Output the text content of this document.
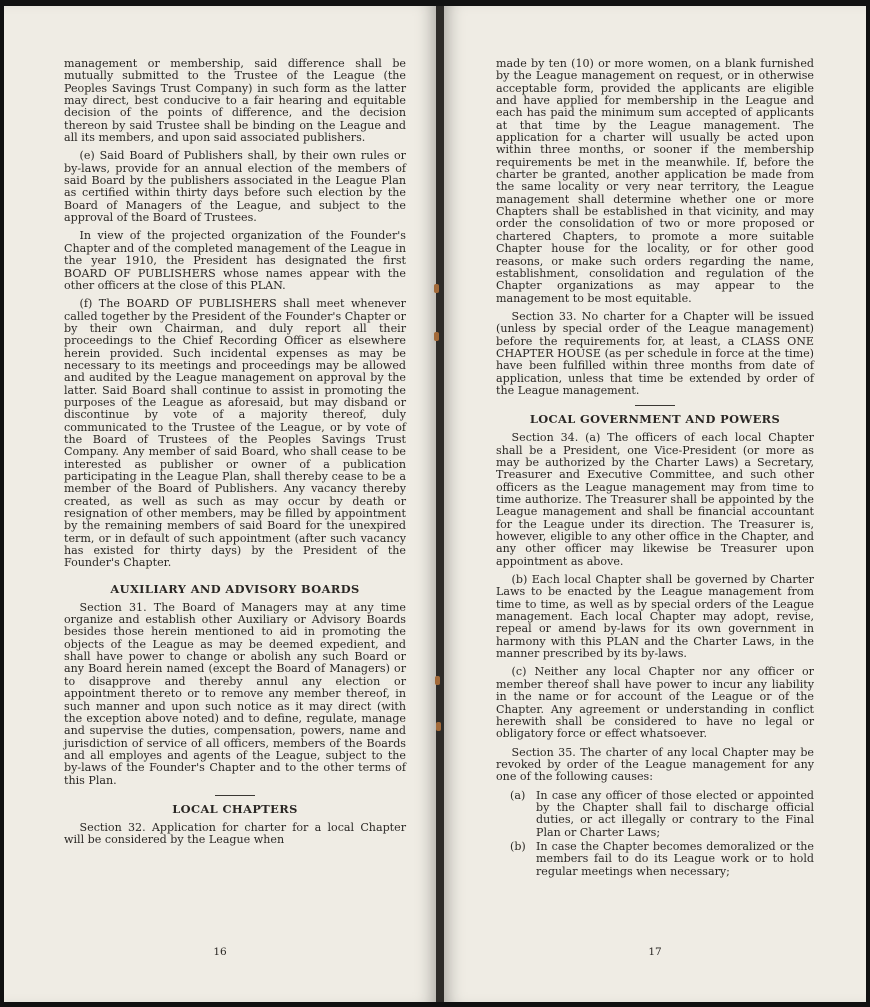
management or membership, said difference shall be mutually submitted to the Trustee of the League (the Peoples Savings Trust Company) in such form as the latter may direct, best conducive to a fair hearing and equitable decision of the points of difference, and the decision thereon by said Trustee shall be binding on the League and all its members, and upon said associated publishers.

(e) Said Board of Publishers shall, by their own rules or by-laws, provide for an annual election of the members of said Board by the publishers associated in the League Plan as certified within thirty days before such election by the Board of Managers of the League, and subject to the approval of the Board of Trustees.

In view of the projected organization of the Founder's Chapter and of the completed management of the League in the year 1910, the President has designated the first BOARD OF PUBLISHERS whose names appear with the other officers at the close of this PLAN.

(f) The BOARD OF PUBLISHERS shall meet whenever called together by the President of the Founder's Chapter or by their own Chairman, and duly report all their proceedings to the Chief Recording Officer as elsewhere herein provided. Such incidental expenses as may be necessary to its meetings and proceedings may be allowed and audited by the League management on approval by the latter. Said Board shall continue to assist in promoting the purposes of the League as aforesaid, but may disband or discontinue by vote of a majority thereof, duly communicated to the Trustee of the League, or by vote of the Board of Trustees of the Peoples Savings Trust Company. Any member of said Board, who shall cease to be interested as publisher or owner of a publication participating in the League Plan, shall thereby cease to be a member of the Board of Publishers. Any vacancy thereby created, as well as such as may occur by death or resignation of other members, may be filled by appointment by the remaining members of said Board for the unexpired term, or in default of such appointment (after such vacancy has existed for thirty days) by the President of the Founder's Chapter.

AUXILIARY AND ADVISORY BOARDS

Section 31. The Board of Managers may at any time organize and establish other Auxiliary or Advisory Boards besides those herein mentioned to aid in promoting the objects of the League as may be deemed expedient, and shall have power to change or abolish any such Board or any Board herein named (except the Board of Managers) or to disapprove and thereby annul any election or appointment thereto or to remove any member thereof, in such manner and upon such notice as it may direct (with the exception above noted) and to define, regulate, manage and supervise the duties, compensation, powers, name and jurisdiction of service of all officers, members of the Boards and all employes and agents of the League, subject to the by-laws of the Founder's Chapter and to the other terms of this Plan.

LOCAL CHAPTERS

Section 32. Application for charter for a local Chapter will be considered by the League when

16

made by ten (10) or more women, on a blank furnished by the League management on request, or in otherwise acceptable form, provided the applicants are eligible and have applied for membership in the League and each has paid the minimum sum accepted of applicants at that time by the League management. The application for a charter will usually be acted upon within three months, or sooner if the membership requirements be met in the meanwhile. If, before the charter be granted, another application be made from the same locality or very near territory, the League management shall determine whether one or more Chapters shall be established in that vicinity, and may order the consolidation of two or more proposed or chartered Chapters, to promote a more suitable Chapter house for the locality, or for other good reasons, or make such orders regarding the name, establishment, consolidation and regulation of the Chapter organizations as may appear to the management to be most equitable.

Section 33. No charter for a Chapter will be issued (unless by special order of the League management) before the requirements for, at least, a CLASS ONE CHAPTER HOUSE (as per schedule in force at the time) have been fulfilled within three months from date of application, unless that time be extended by order of the League management.

LOCAL GOVERNMENT AND POWERS

Section 34. (a) The officers of each local Chapter shall be a President, one Vice-President (or more as may be authorized by the Charter Laws) a Secretary, Treasurer and Executive Committee, and such other officers as the League management may from time to time authorize. The Treasurer shall be appointed by the League management and shall be financial accountant for the League under its direction. The Treasurer is, however, eligible to any other office in the Chapter, and any other officer may likewise be Treasurer upon appointment as above.

(b) Each local Chapter shall be governed by Charter Laws to be enacted by the League management from time to time, as well as by special orders of the League management. Each local Chapter may adopt, revise, repeal or amend by-laws for its own government in harmony with this PLAN and the Charter Laws, in the manner prescribed by its by-laws.

(c) Neither any local Chapter nor any officer or member thereof shall have power to incur any liability in the name or for account of the League or of the Chapter. Any agreement or understanding in conflict herewith shall be considered to have no legal or obligatory force or effect whatsoever.

Section 35. The charter of any local Chapter may be revoked by order of the League management for any one of the following causes:

(a) In case any officer of those elected or appointed by the Chapter shall fail to discharge official duties, or act illegally or contrary to the Final Plan or Charter Laws;
(b) In case the Chapter becomes demoralized or the members fail to do its League work or to hold regular meetings when necessary;
17
